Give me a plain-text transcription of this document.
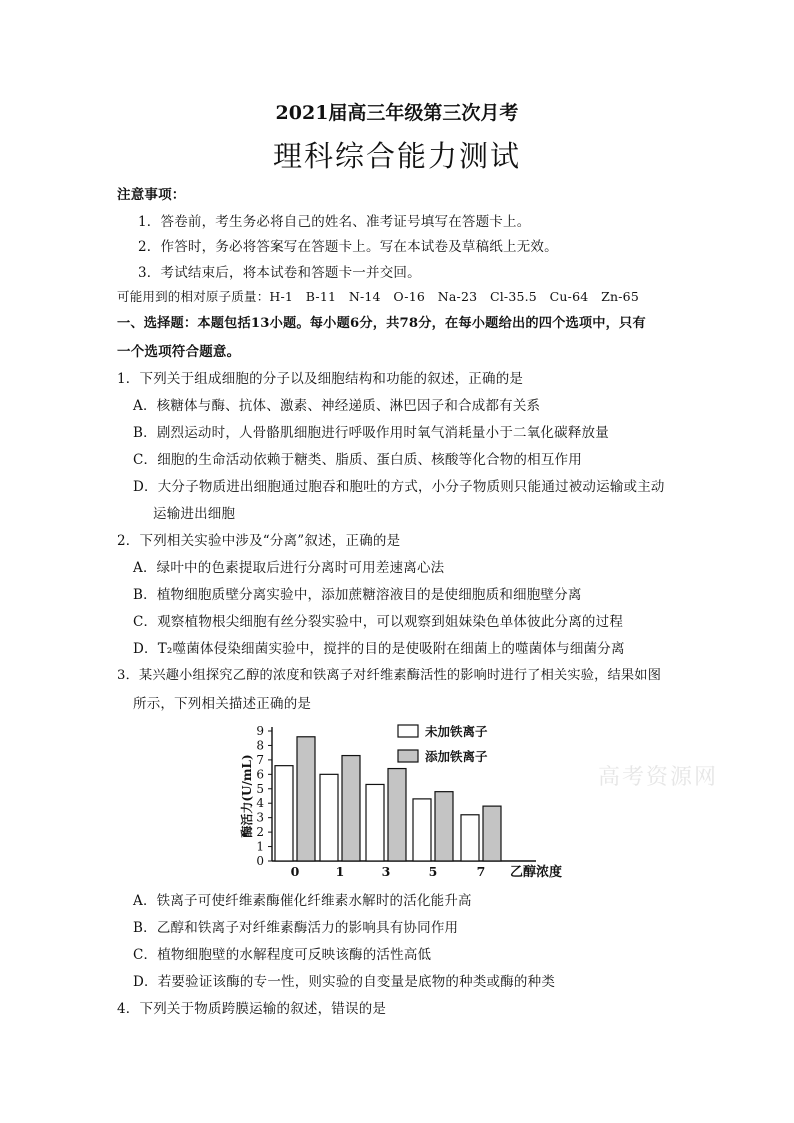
2021届高三年级第三次月考
理科综合能力测试
注意事项：
1．答卷前，考生务必将自己的姓名、准考证号填写在答题卡上。
2．作答时，务必将答案写在答题卡上。写在本试卷及草稿纸上无效。
3．考试结束后，将本试卷和答题卡一并交回。
可能用到的相对原子质量：H-1　B-11　N-14　O-16　Na-23　Cl-35.5　Cu-64　Zn-65
一、选择题：本题包括13小题。每小题6分，共78分，在每小题给出的四个选项中，只有
一个选项符合题意。
1．下列关于组成细胞的分子以及细胞结构和功能的叙述，正确的是
A．核糖体与酶、抗体、激素、神经递质、淋巴因子和合成都有关系
B．剧烈运动时，人骨骼肌细胞进行呼吸作用时氧气消耗量小于二氧化碳释放量
C．细胞的生命活动依赖于糖类、脂质、蛋白质、核酸等化合物的相互作用
D．大分子物质进出细胞通过胞吞和胞吐的方式，小分子物质则只能通过被动运输或主动
运输进出细胞
2．下列相关实验中涉及“分离”叙述，正确的是
A．绿叶中的色素提取后进行分离时可用差速离心法
B．植物细胞质壁分离实验中，添加蔗糖溶液目的是使细胞质和细胞壁分离
C．观察植物根尖细胞有丝分裂实验中，可以观察到姐妹染色单体彼此分离的过程
D．T₂噬菌体侵染细菌实验中，搅拌的目的是使吸附在细菌上的噬菌体与细菌分离
3．某兴趣小组探究乙醇的浓度和铁离子对纤维素酶活性的影响时进行了相关实验，结果如图
所示，下列相关描述正确的是
0
1
2
3
4
5
6
7
8
9
酶活力(U/mL)
0	1	3	5	7 乙醇浓度
未加铁离子
添加铁离子
A．铁离子可使纤维素酶催化纤维素水解时的活化能升高
B．乙醇和铁离子对纤维素酶活力的影响具有协同作用
C．植物细胞壁的水解程度可反映该酶的活性高低
D．若要验证该酶的专一性，则实验的自变量是底物的种类或酶的种类
4．下列关于物质跨膜运输的叙述，错误的是
高考资源网
